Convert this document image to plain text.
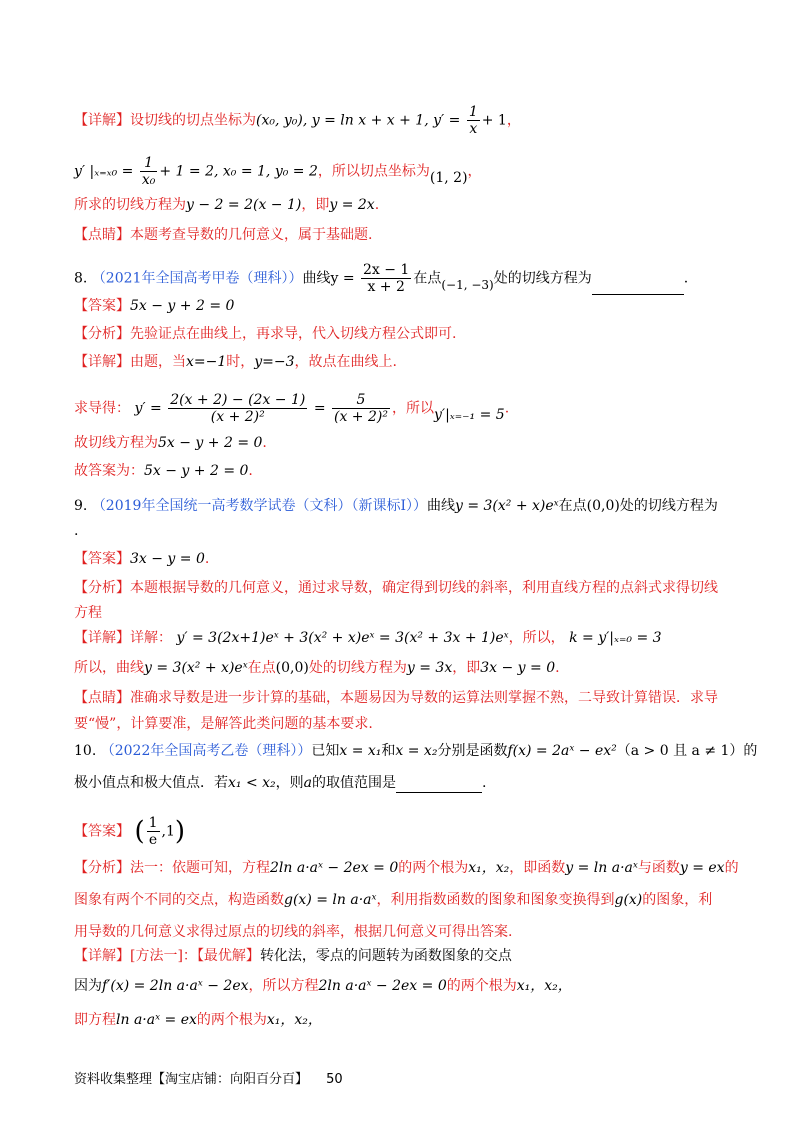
【详解】设切线的切点坐标为(x₀, y₀), y = ln x + x + 1, $y' = \frac{1}{x} + 1$，
y′ $|_{x=x0} = \frac{1}{\text{x₀}} + 1 = 2$, x₀ = 1, y₀ = 2，所以切点坐标为(1, 2)，
所求的切线方程为y − 2 = 2(x − 1)，即y = 2x.
【点睛】本题考查导数的几何意义，属于基础题.
8. （2021年全国高考甲卷（理科））曲线$y = \frac{2x - 1}{x + 2}$ 在点(−1, −3)处的切线方程为	.
【答案】5x − y + 2 = 0
【分析】先验证点在曲线上，再求导，代入切线方程公式即可.
【详解】由题，当x=−1时，y=−3，故点在曲线上.
求导得： $y' = \frac{2(x + 2) - (2x - 1)}{\text{(x + 2)²}} = \frac{5}{\text{(x + 2)²}}$ ，所以y′|ₓ₌₋₁ = 5.
故切线方程为5x − y + 2 = 0.
故答案为：5x − y + 2 = 0.
9. （2019年全国统一高考数学试卷（文科）（新课标Ⅰ））曲线y = 3(x² + x)eˣ在点(0,0)处的切线方程为
.
【答案】3x − y = 0.
【分析】本题根据导数的几何意义，通过求导数，确定得到切线的斜率，利用直线方程的点斜式求得切线
方程
【详解】详解： y′ = 3(2x+1)eˣ + 3(x² + x)eˣ = 3(x² + 3x + 1)eˣ，所以， k = y′|ₓ₌₀ = 3
所以，曲线y = 3(x² + x)eˣ在点(0,0)处的切线方程为y = 3x，即3x − y = 0.
【点睛】准确求导数是进一步计算的基础，本题易因为导数的运算法则掌握不熟，二导致计算错误．求导
要“慢”，计算要准，是解答此类问题的基本要求.
10. （2022年全国高考乙卷（理科））已知x = x₁和x = x₂分别是函数f(x) = 2aˣ − ex²（a > 0 且 a ≠ 1）的
极小值点和极大值点．若x₁ < x₂，则a的取值范围是	.
【答案】 ( $\frac{1}{e} ,1$)
【分析】法一：依题可知，方程2ln a·aˣ − 2ex = 0的两个根为x₁，x₂，即函数y = ln a·aˣ与函数y = ex的
图象有两个不同的交点，构造函数g(x) = ln a·aˣ，利用指数函数的图象和图象变换得到g(x)的图象，利
用导数的几何意义求得过原点的切线的斜率，根据几何意义可得出答案.
【详解】[方法一]：【最优解】转化法，零点的问题转为函数图象的交点
因为f′(x) = 2ln a·aˣ − 2ex，所以方程2ln a·aˣ − 2ex = 0的两个根为x₁，x₂，
即方程ln a·aˣ = ex的两个根为x₁，x₂，
资料收集整理【淘宝店铺：向阳百分百】 50
